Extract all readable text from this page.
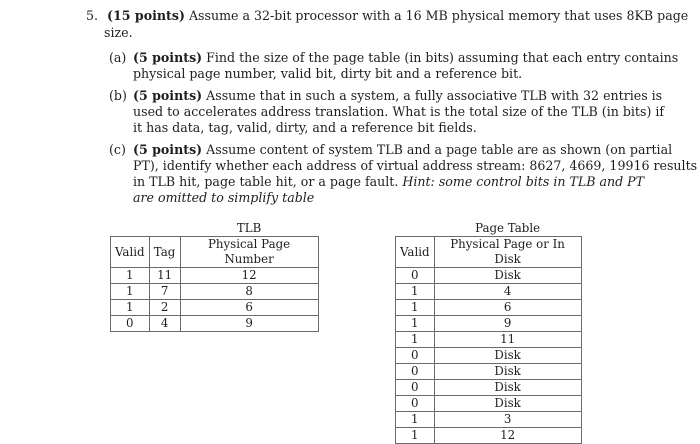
5. (15 points) Assume a 32-bit processor with a 16 MB physical memory that uses 8KB page
size.
(a) (5 points) Find the size of the page table (in bits) assuming that each entry contains
physical page number, valid bit, dirty bit and a reference bit.
(b) (5 points) Assume that in such a system, a fully associative TLB with 32 entries is
used to accelerates address translation. What is the total size of the TLB (in bits) if
it has data, tag, valid, dirty, and a reference bit fields.
(c) (5 points) Assume content of system TLB and a page table are as shown (on partial
PT), identify whether each address of virtual address stream: 8627, 4669, 19916 results
in TLB hit, page table hit, or a page fault. Hint: some control bits in TLB and PT
are omitted to simplify table
		TLB
Valid	Tag	Physical Page Number
1	11	12
1	7	8
1	2	6
0	4	9
	Page Table
Valid	Physical Page or In Disk
0	Disk
1	4
1	6
1	9
1	11
0	Disk
0	Disk
0	Disk
0	Disk
1	3
1	12
